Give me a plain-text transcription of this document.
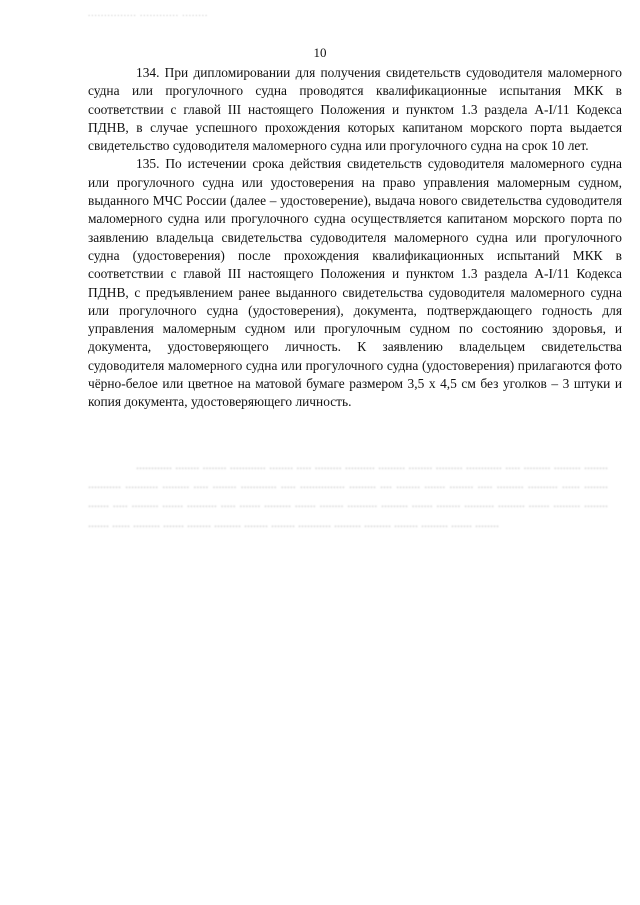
............... ............ ........
10

134. При дипломировании для получения свидетельств судоводителя маломерного судна или прогулочного судна проводятся квалификационные испытания МКК в соответствии с главой III настоящего Положения и пунктом 1.3 раздела A-I/11 Кодекса ПДНВ, в случае успешного прохождения которых капитаном морского порта выдается свидетельство судоводителя маломерного судна или прогулочного судна на срок 10 лет.

135. По истечении срока действия свидетельств судоводителя маломерного судна или прогулочного судна или удостоверения на право управления маломерным судном, выданного МЧС России (далее – удостоверение), выдача нового свидетельства судоводителя маломерного судна или прогулочного судна осуществляется капитаном морского порта по заявлению владельца свидетельства судоводителя маломерного судна или прогулочного судна (удостоверения) после прохождения квалификационных испытаний МКК в соответствии с главой III настоящего Положения и пунктом 1.3 раздела A-I/11 Кодекса ПДНВ, с предъявлением ранее выданного свидетельства судоводителя маломерного судна или прогулочного судна (удостоверения), документа, подтверждающего годность для управления маломерным судном или прогулочным судном по состоянию здоровья, и документа, удостоверяющего личность. К заявлению владельцем свидетельства судоводителя маломерного судна или прогулочного судна (удостоверения) прилагаются фото чёрно-белое или цветное на матовой бумаге размером 3,5 х 4,5 см без уголков – 3 штуки и копия документа, удостоверяющего личность.

............ ........ ........ ............ ........ ..... ......... .......... ......... ........ ......... ............ ..... ......... ......... ........ ........... ........... ......... ..... ........ ............ ..... ............... ......... .... ........ ....... ........ ..... ......... .......... ...... ........ ....... ..... ......... ....... .......... ..... ....... ......... ....... ........ .......... ......... ....... ........ .......... ......... ....... ......... ........ ....... ...... ......... ....... ........ ......... ........ ........ ........... ......... ......... ........ ......... ....... ........
